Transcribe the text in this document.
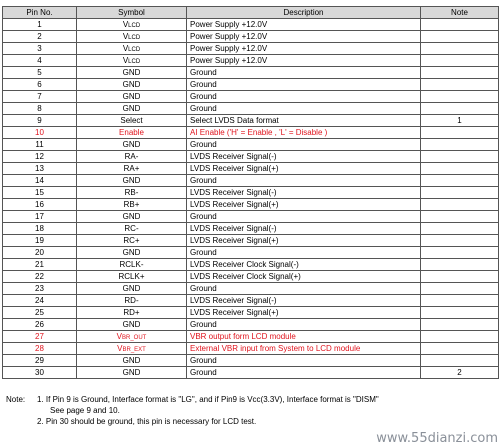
Pin No.	Symbol	Description	Note
1	VLCD	Power Supply +12.0V	
2	VLCD	Power Supply +12.0V	
3	VLCD	Power Supply +12.0V	
4	VLCD	Power Supply +12.0V	
5	GND	Ground	
6	GND	Ground	
7	GND	Ground	
8	GND	Ground	
9	Select	Select LVDS Data format	1
10	Enable	AI Enable ('H' = Enable , 'L' = Disable )	
11	GND	Ground	
12	RA-	LVDS Receiver Signal(-)	
13	RA+	LVDS Receiver Signal(+)	
14	GND	Ground	
15	RB-	LVDS Receiver Signal(-)	
16	RB+	LVDS Receiver Signal(+)	
17	GND	Ground	
18	RC-	LVDS Receiver Signal(-)	
19	RC+	LVDS Receiver Signal(+)	
20	GND	Ground	
21	RCLK-	LVDS Receiver Clock Signal(-)	
22	RCLK+	LVDS Receiver Clock Signal(+)	
23	GND	Ground	
24	RD-	LVDS Receiver Signal(-)	
25	RD+	LVDS Receiver Signal(+)	
26	GND	Ground	
27	VBR_OUT	VBR output form LCD module	
28	VBR_EXT	External VBR input from System to LCD module	
29	GND	Ground	
30	GND	Ground	2
Note: 1. If Pin 9 is Ground, Interface format is "LG", and if Pin9 is Vcc(3.3V), Interface format is "DISM"
See page 9 and 10.
2. Pin 30 should be ground, this pin is necessary for LCD test.
www.55dianzi.com
